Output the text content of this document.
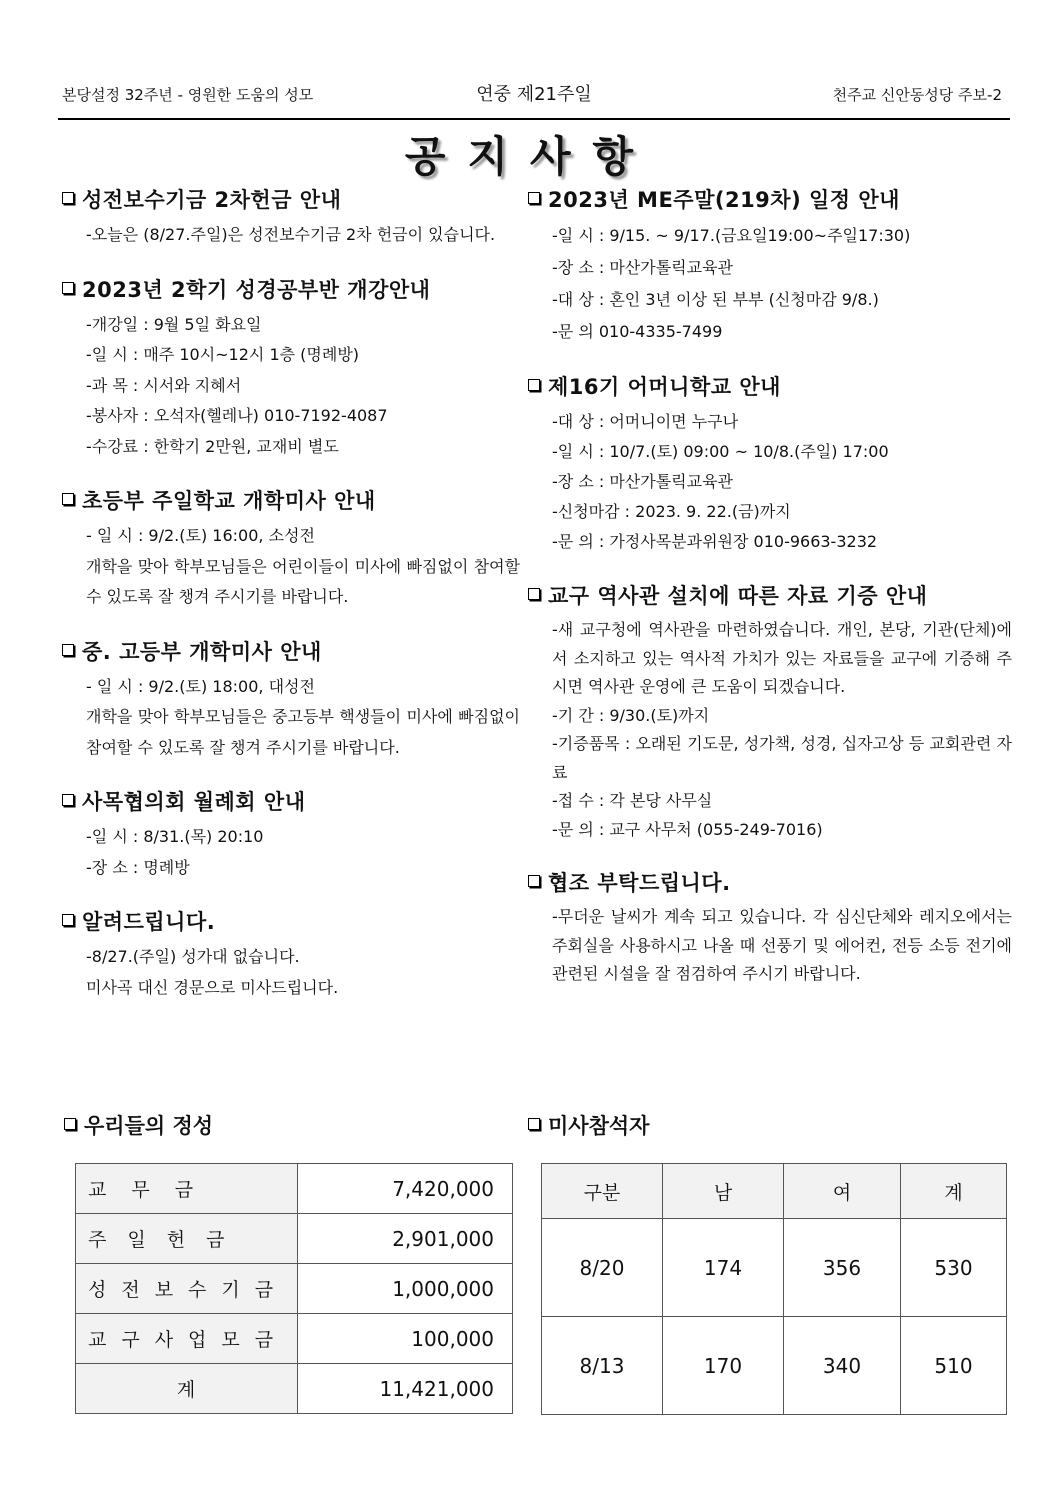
본당설정 32주년 - 영원한 도움의 성모	연중 제21주일	천주교 신안동성당 주보-2
공지사항
성전보수기금 2차헌금 안내
-오늘은 (8/27.주일)은 성전보수기금 2차 헌금이 있습니다.
2023년 2학기 성경공부반 개강안내
-개강일 : 9월 5일 화요일
-일 시 : 매주 10시~12시 1층 (명례방)
-과 목 : 시서와 지혜서
-봉사자 : 오석자(헬레나) 010-7192-4087
-수강료 : 한학기 2만원, 교재비 별도
초등부 주일학교 개학미사 안내
- 일 시 : 9/2.(토) 16:00, 소성전
개학을 맞아 학부모님들은 어린이들이 미사에 빠짐없이 참여할 수 있도록 잘 챙겨 주시기를 바랍니다.
중. 고등부 개학미사 안내
- 일 시 : 9/2.(토) 18:00, 대성전
개학을 맞아 학부모님들은 중고등부 핵생들이 미사에 빠짐없이 참여할 수 있도록 잘 챙겨 주시기를 바랍니다.
사목협의회 월례회 안내
-일 시 : 8/31.(목) 20:10
-장 소 : 명례방
알려드립니다.
-8/27.(주일) 성가대 없습니다.
미사곡 대신 경문으로 미사드립니다.
2023년 ME주말(219차) 일정 안내
-일 시 : 9/15. ~ 9/17.(금요일19:00~주일17:30)
-장 소 : 마산가톨릭교육관
-대 상 : 혼인 3년 이상 된 부부 (신청마감 9/8.)
-문 의 010-4335-7499
제16기 어머니학교 안내
-대 상 : 어머니이면 누구나
-일 시 : 10/7.(토) 09:00 ~ 10/8.(주일) 17:00
-장 소 : 마산가톨릭교육관
-신청마감 : 2023. 9. 22.(금)까지
-문 의 : 가정사목분과위원장 010-9663-3232
교구 역사관 설치에 따른 자료 기증 안내
-새 교구청에 역사관을 마련하였습니다. 개인, 본당, 기관(단체)에서 소지하고 있는 역사적 가치가 있는 자료들을 교구에 기증해 주시면 역사관 운영에 큰 도움이 되겠습니다.
-기 간 : 9/30.(토)까지
-기증품목 : 오래된 기도문, 성가책, 성경, 십자고상 등 교회관련 자료
-접 수 : 각 본당 사무실
-문 의 : 교구 사무처 (055-249-7016)
협조 부탁드립니다.
-무더운 날씨가 계속 되고 있습니다. 각 심신단체와 레지오에서는 주회실을 사용하시고 나올 때 선풍기 및 에어컨, 전등 소등 전기에 관련된 시설을 잘 점검하여 주시기 바랍니다.
우리들의 정성	미사참석자
교무금	7,420,000
주일헌금	2,901,000
성전보수기금	1,000,000
교구사업모금	100,000
계	11,421,000
구분	남	여	계
8/20	174	356	530
8/13	170	340	510
